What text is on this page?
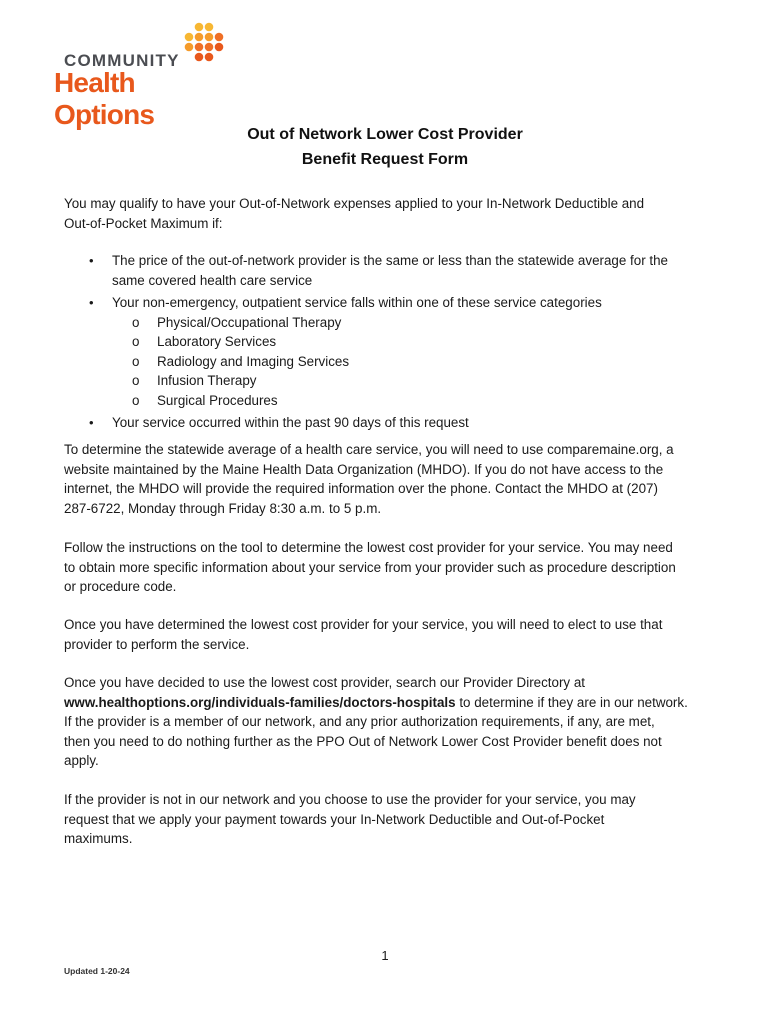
COMMUNITY
Health Options
Out of Network Lower Cost Provider
Benefit Request Form
You may qualify to have your Out-of-Network expenses applied to your In-Network Deductible and
Out-of-Pocket Maximum if:
• The price of the out-of-network provider is the same or less than the statewide average for the
same covered health care service
• Your non-emergency, outpatient service falls within one of these service categories
o Physical/Occupational Therapy
o Laboratory Services
o Radiology and Imaging Services
o Infusion Therapy
o Surgical Procedures
• Your service occurred within the past 90 days of this request
To determine the statewide average of a health care service, you will need to use comparemaine.org, a
website maintained by the Maine Health Data Organization (MHDO). If you do not have access to the
internet, the MHDO will provide the required information over the phone. Contact the MHDO at (207)
287-6722, Monday through Friday 8:30 a.m. to 5 p.m.
Follow the instructions on the tool to determine the lowest cost provider for your service. You may need
to obtain more specific information about your service from your provider such as procedure description
or procedure code.
Once you have determined the lowest cost provider for your service, you will need to elect to use that
provider to perform the service.
Once you have decided to use the lowest cost provider, search our Provider Directory at
www.healthoptions.org/individuals-families/doctors-hospitals to determine if they are in our network.
If the provider is a member of our network, and any prior authorization requirements, if any, are met,
then you need to do nothing further as the PPO Out of Network Lower Cost Provider benefit does not
apply.
If the provider is not in our network and you choose to use the provider for your service, you may
request that we apply your payment towards your In-Network Deductible and Out-of-Pocket
maximums.
1
Updated 1-20-24
